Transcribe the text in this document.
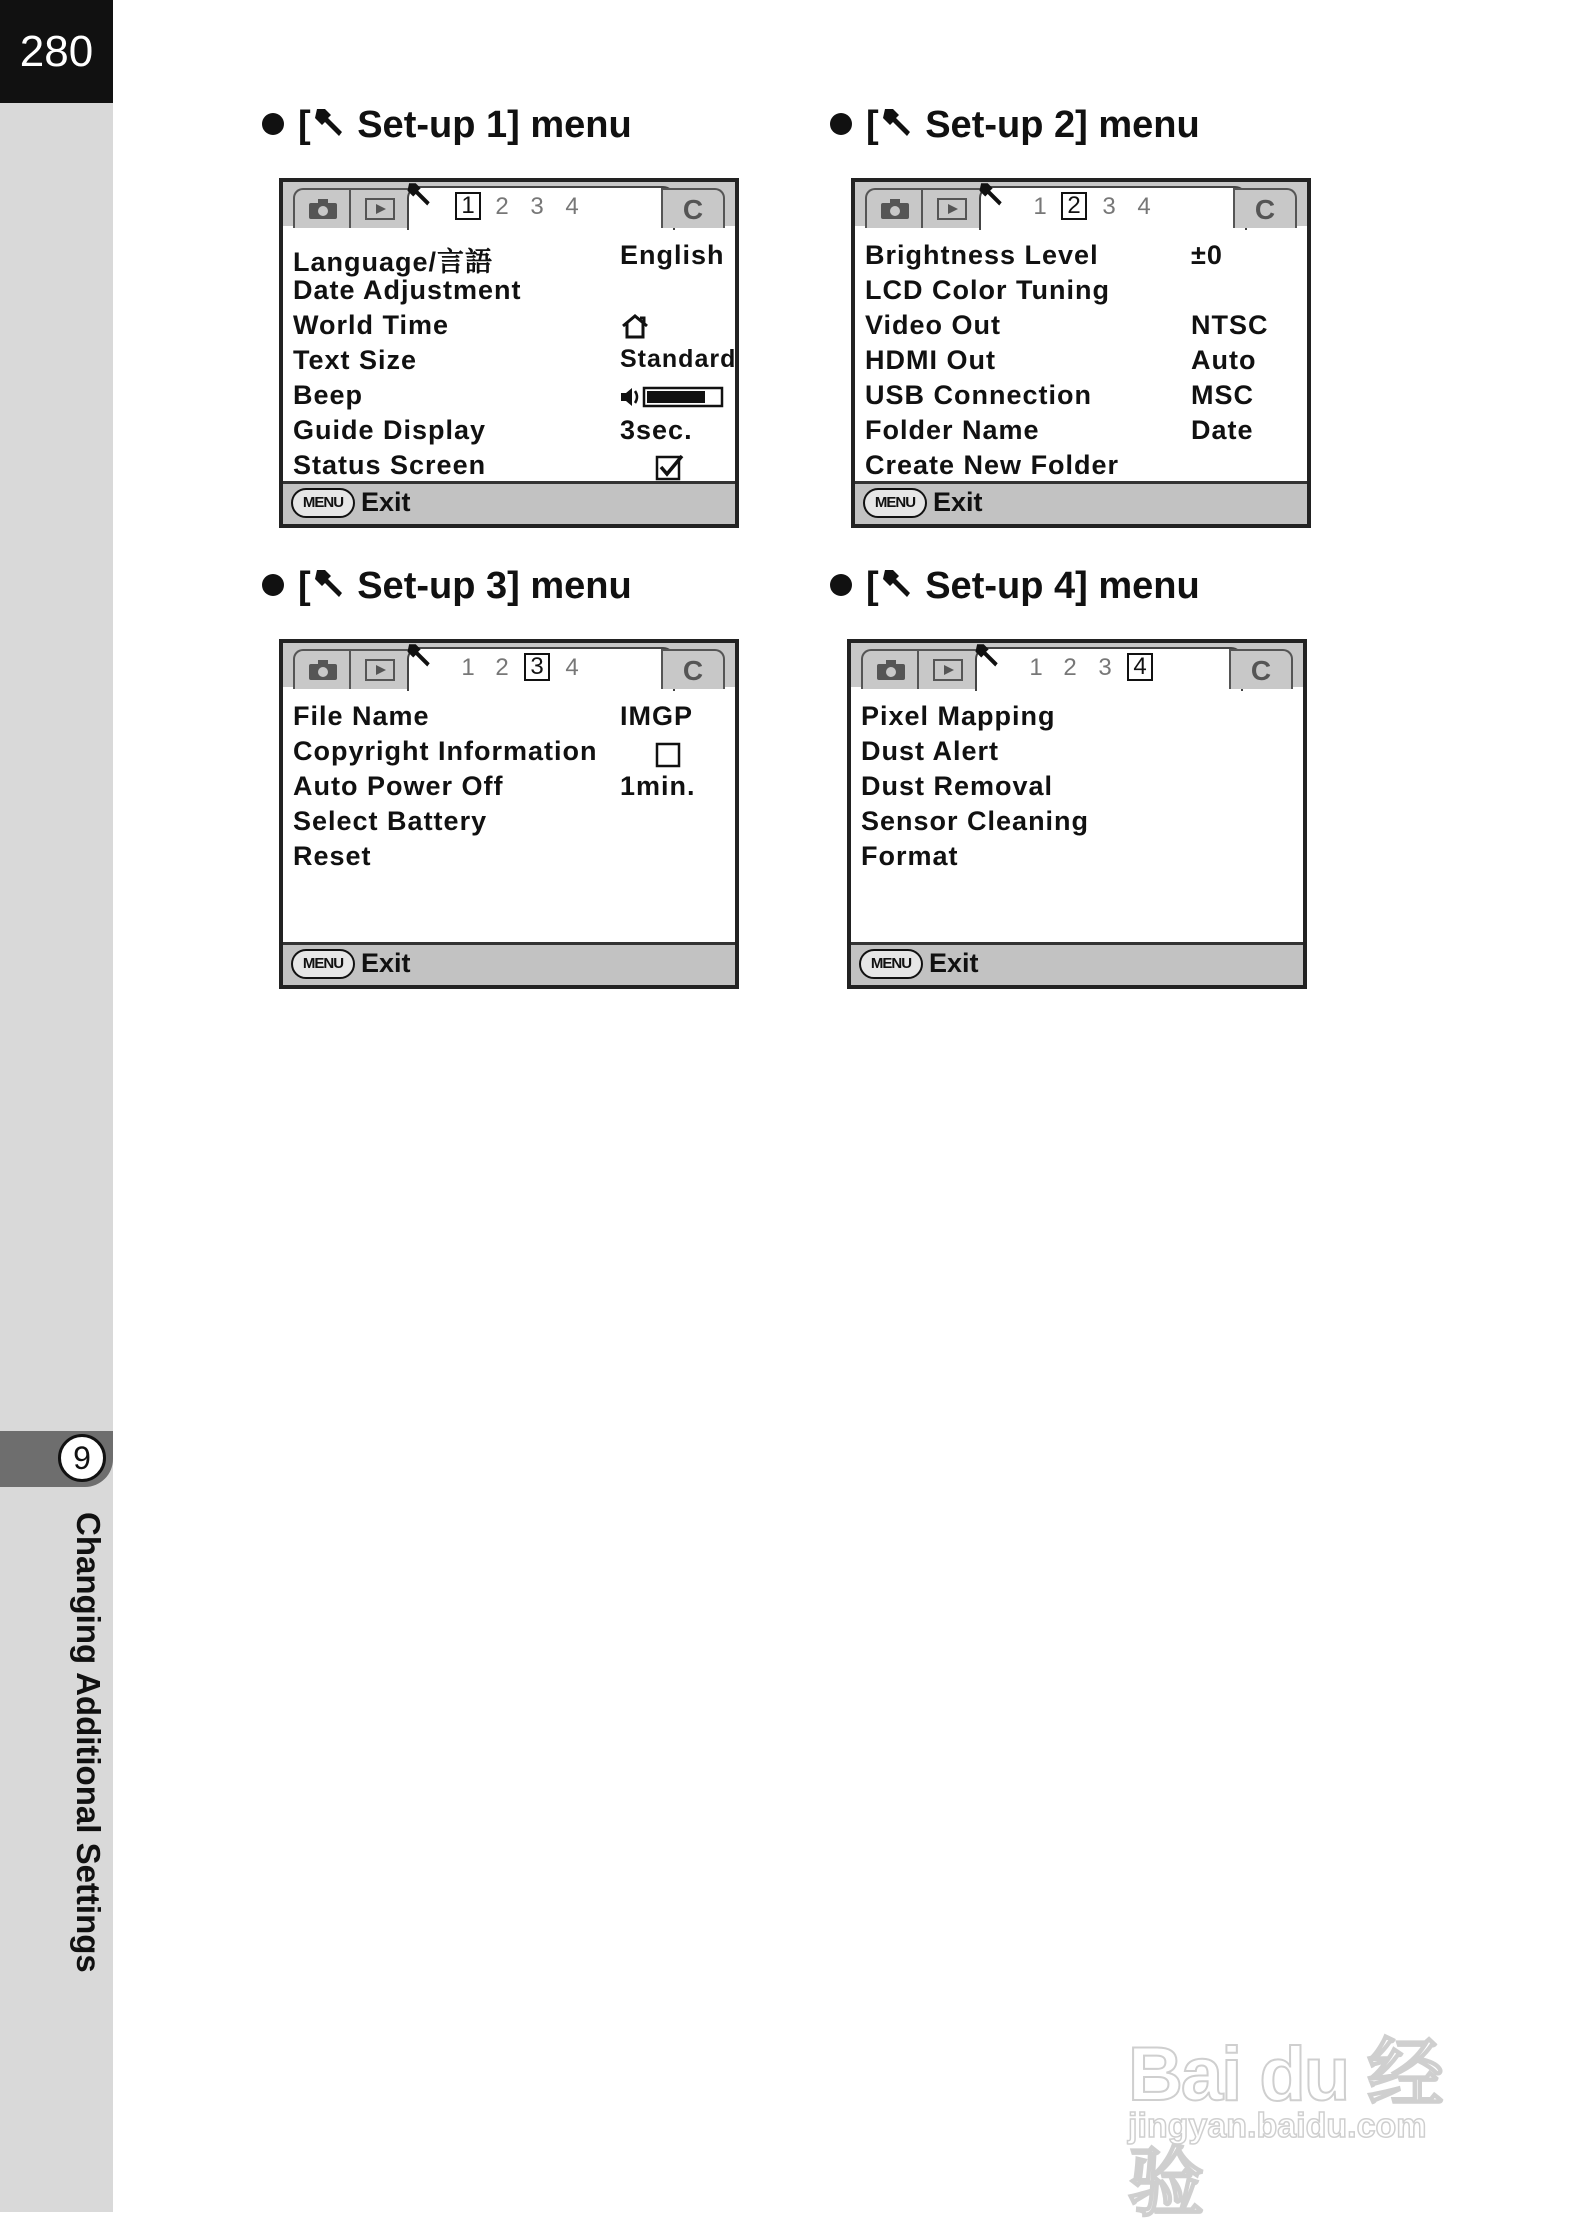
280
9
Changing Additional Settings
[ Set-up 1] menu	[ Set-up 2] menu
[ Set-up 3] menu	[ Set-up 4] menu
1 2 3 4	C
Language/言語	English
Date Adjustment
World Time
Text Size	Standard
Beep
Guide Display	3sec.
Status Screen
MENU Exit
1 2 3 4	C
Brightness Level	±0
LCD Color Tuning
Video Out	NTSC
HDMI Out	Auto
USB Connection	MSC
Folder Name	Date
Create New Folder
MENU Exit
1 2 3 4	C
File Name	IMGP
Copyright Information
Auto Power Off	1min.
Select Battery
Reset
MENU Exit
1 2 3 4	C
Pixel Mapping
Dust Alert
Dust Removal
Sensor Cleaning
Format
MENU Exit
Bai du 经验
jingyan.baidu.com
